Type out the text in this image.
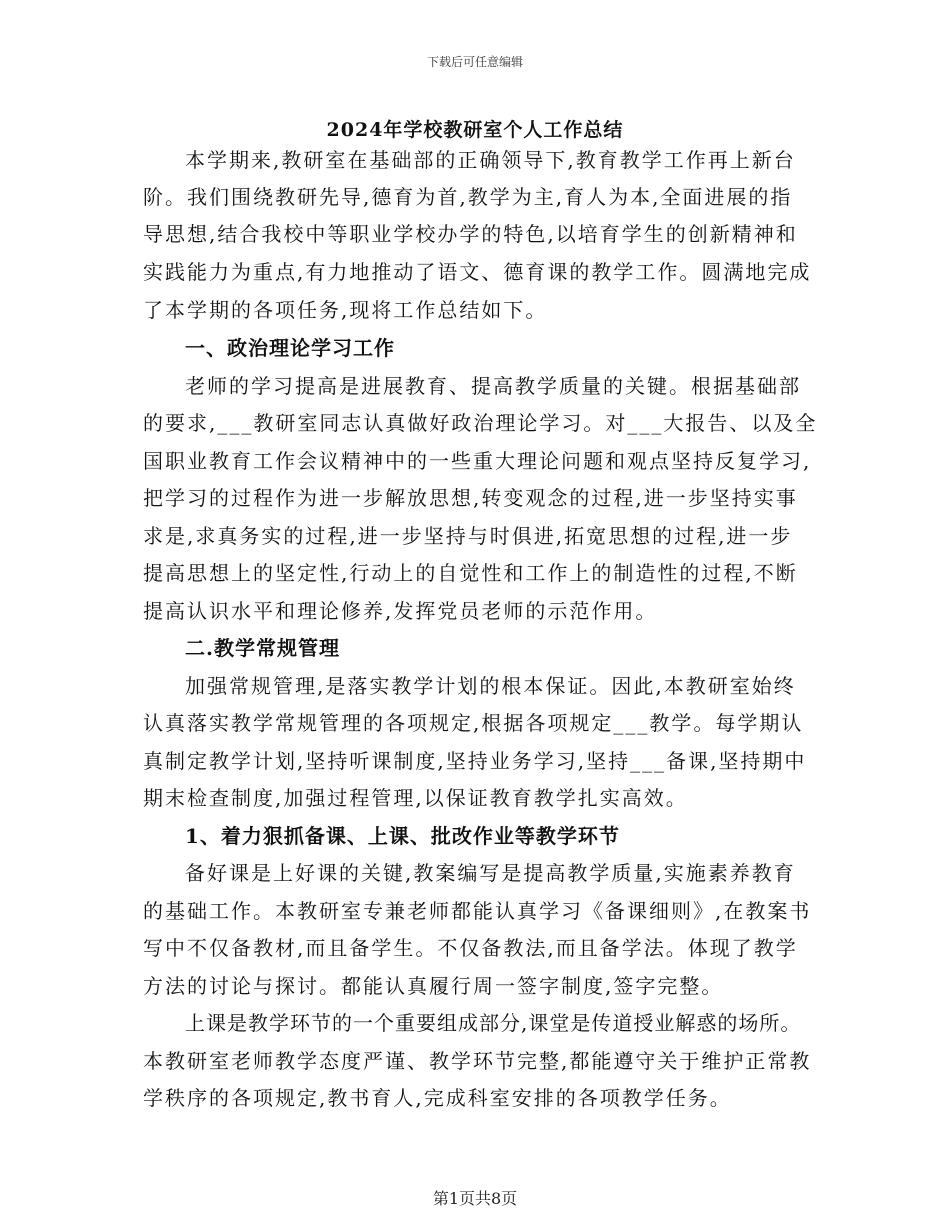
下载后可任意编辑
2024年学校教研室个人工作总结
本学期来,教研室在基础部的正确领导下,教育教学工作再上新台
阶。我们围绕教研先导,德育为首,教学为主,育人为本,全面进展的指
导思想,结合我校中等职业学校办学的特色,以培育学生的创新精神和
实践能力为重点,有力地推动了语文、德育课的教学工作。圆满地完成
了本学期的各项任务,现将工作总结如下。
一、政治理论学习工作
老师的学习提高是进展教育、提高教学质量的关键。根据基础部
的要求,___教研室同志认真做好政治理论学习。对___大报告、以及全
国职业教育工作会议精神中的一些重大理论问题和观点坚持反复学习,
把学习的过程作为进一步解放思想,转变观念的过程,进一步坚持实事
求是,求真务实的过程,进一步坚持与时俱进,拓宽思想的过程,进一步
提高思想上的坚定性,行动上的自觉性和工作上的制造性的过程,不断
提高认识水平和理论修养,发挥党员老师的示范作用。
二.教学常规管理
加强常规管理,是落实教学计划的根本保证。因此,本教研室始终
认真落实教学常规管理的各项规定,根据各项规定___教学。每学期认
真制定教学计划,坚持听课制度,坚持业务学习,坚持___备课,坚持期中
期末检查制度,加强过程管理,以保证教育教学扎实高效。
1、着力狠抓备课、上课、批改作业等教学环节
备好课是上好课的关键,教案编写是提高教学质量,实施素养教育
的基础工作。本教研室专兼老师都能认真学习《备课细则》,在教案书
写中不仅备教材,而且备学生。不仅备教法,而且备学法。体现了教学
方法的讨论与探讨。都能认真履行周一签字制度,签字完整。
上课是教学环节的一个重要组成部分,课堂是传道授业解惑的场所。
本教研室老师教学态度严谨、教学环节完整,都能遵守关于维护正常教
学秩序的各项规定,教书育人,完成科室安排的各项教学任务。
第1页共8页
